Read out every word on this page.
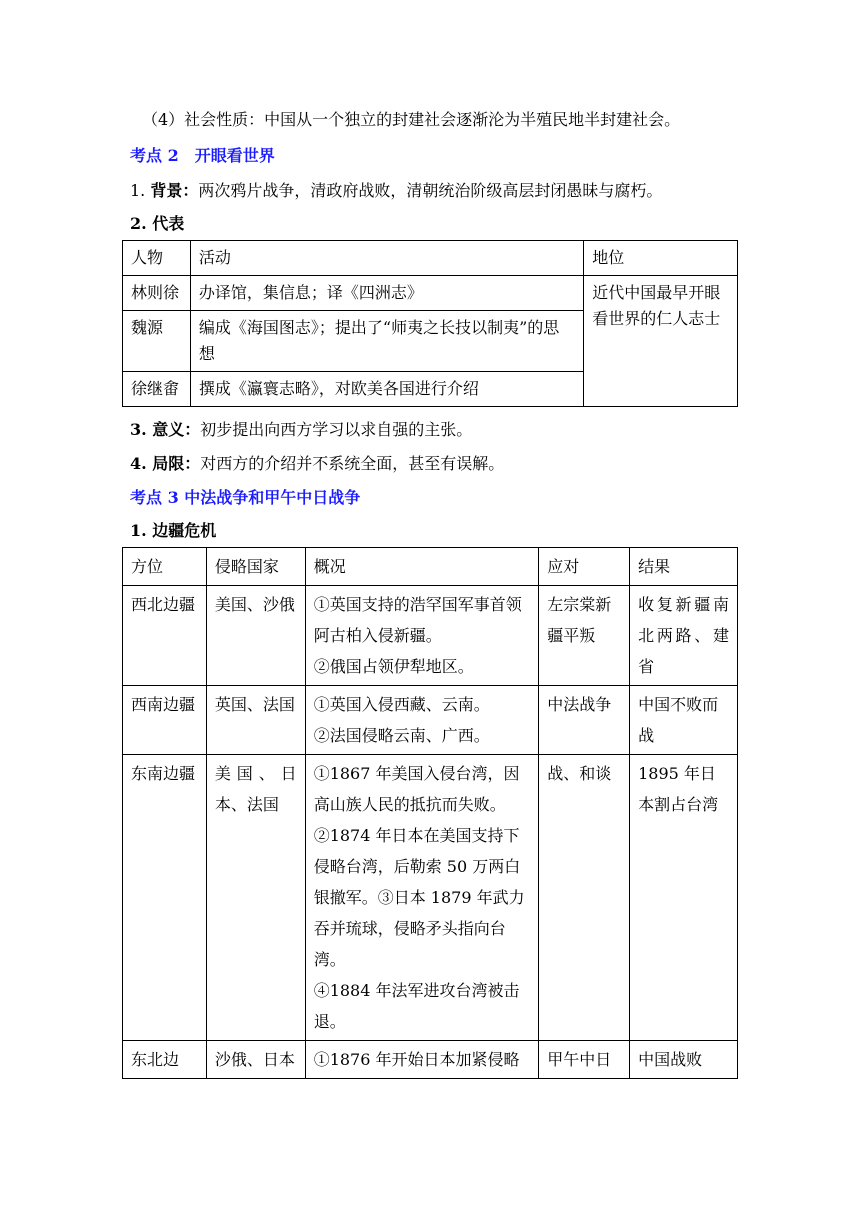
（4）社会性质：中国从一个独立的封建社会逐渐沦为半殖民地半封建社会。
考点 2　开眼看世界
1. 背景：两次鸦片战争，清政府战败，清朝统治阶级高层封闭愚昧与腐朽。
2. 代表
人物	活动	地位
林则徐	办译馆，集信息；译《四洲志》	近代中国最早开眼看世界的仁人志士
魏源	编成《海国图志》；提出了“师夷之长技以制夷”的思想	
徐继畬	撰成《瀛寰志略》，对欧美各国进行介绍	
3. 意义：初步提出向西方学习以求自强的主张。
4. 局限：对西方的介绍并不系统全面，甚至有误解。
考点 3 中法战争和甲午中日战争
1. 边疆危机
方位	侵略国家	概况	应对	结果
西北边疆	美国、沙俄	①英国支持的浩罕国军事首领阿古柏入侵新疆。

②俄国占领伊犁地区。	左宗棠新疆平叛	收复新疆南北两路、建省
西南边疆	英国、法国	①英国入侵西藏、云南。

②法国侵略云南、广西。	中法战争	中国不败而战
东南边疆	美国、日本、法国	①1867 年美国入侵台湾，因高山族人民的抵抗而失败。

②1874 年日本在美国支持下侵略台湾，后勒索 50 万两白银撤军。③日本 1879 年武力吞并琉球，侵略矛头指向台湾。

④1884 年法军进攻台湾被击退。	战、和谈	1895 年日本割占台湾
东北边	沙俄、日本	①1876 年开始日本加紧侵略	甲午中日	中国战败
